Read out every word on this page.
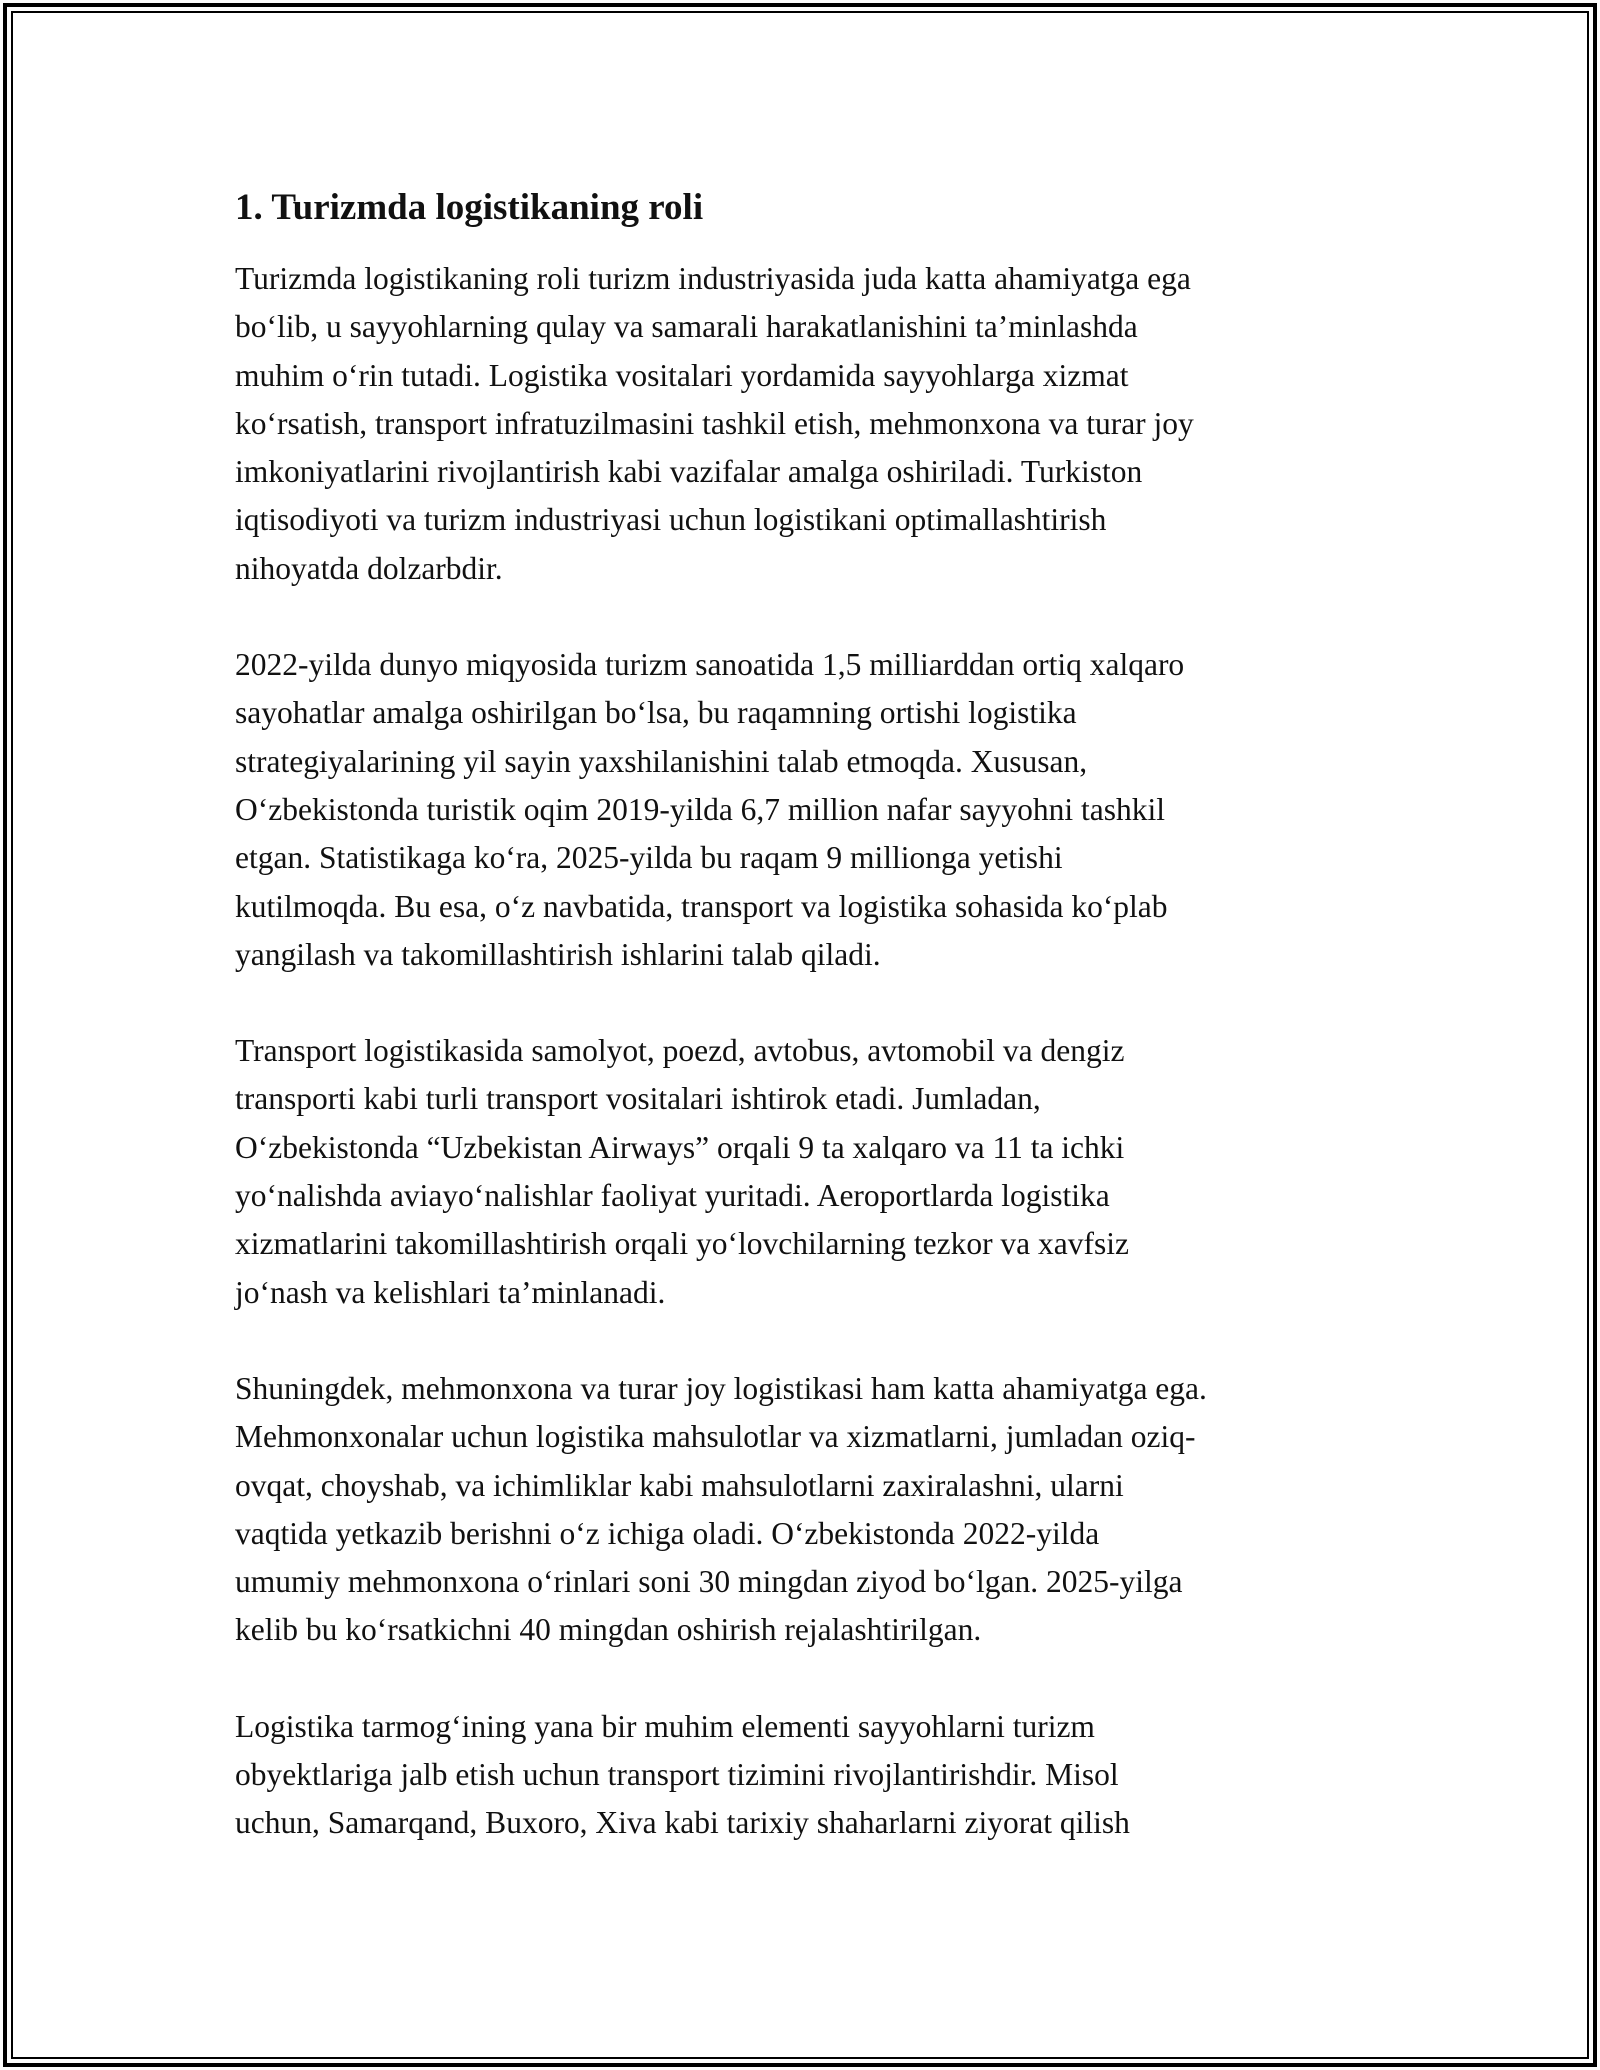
1. Turizmda logistikaning roli

Turizmda logistikaning roli turizm industriyasida juda katta ahamiyatga ega
bo‘lib, u sayyohlarning qulay va samarali harakatlanishini ta’minlashda
muhim o‘rin tutadi. Logistika vositalari yordamida sayyohlarga xizmat
ko‘rsatish, transport infratuzilmasini tashkil etish, mehmonxona va turar joy
imkoniyatlarini rivojlantirish kabi vazifalar amalga oshiriladi. Turkiston
iqtisodiyoti va turizm industriyasi uchun logistikani optimallashtirish
nihoyatda dolzarbdir.

2022-yilda dunyo miqyosida turizm sanoatida 1,5 milliarddan ortiq xalqaro
sayohatlar amalga oshirilgan bo‘lsa, bu raqamning ortishi logistika
strategiyalarining yil sayin yaxshilanishini talab etmoqda. Xususan,
O‘zbekistonda turistik oqim 2019-yilda 6,7 million nafar sayyohni tashkil
etgan. Statistikaga ko‘ra, 2025-yilda bu raqam 9 millionga yetishi
kutilmoqda. Bu esa, o‘z navbatida, transport va logistika sohasida ko‘plab
yangilash va takomillashtirish ishlarini talab qiladi.

Transport logistikasida samolyot, poezd, avtobus, avtomobil va dengiz
transporti kabi turli transport vositalari ishtirok etadi. Jumladan,
O‘zbekistonda “Uzbekistan Airways” orqali 9 ta xalqaro va 11 ta ichki
yo‘nalishda aviayo‘nalishlar faoliyat yuritadi. Aeroportlarda logistika
xizmatlarini takomillashtirish orqali yo‘lovchilarning tezkor va xavfsiz
jo‘nash va kelishlari ta’minlanadi.

Shuningdek, mehmonxona va turar joy logistikasi ham katta ahamiyatga ega.
Mehmonxonalar uchun logistika mahsulotlar va xizmatlarni, jumladan oziq-
ovqat, choyshab, va ichimliklar kabi mahsulotlarni zaxiralashni, ularni
vaqtida yetkazib berishni o‘z ichiga oladi. O‘zbekistonda 2022-yilda
umumiy mehmonxona o‘rinlari soni 30 mingdan ziyod bo‘lgan. 2025-yilga
kelib bu ko‘rsatkichni 40 mingdan oshirish rejalashtirilgan.

Logistika tarmog‘ining yana bir muhim elementi sayyohlarni turizm
obyektlariga jalb etish uchun transport tizimini rivojlantirishdir. Misol
uchun, Samarqand, Buxoro, Xiva kabi tarixiy shaharlarni ziyorat qilish
